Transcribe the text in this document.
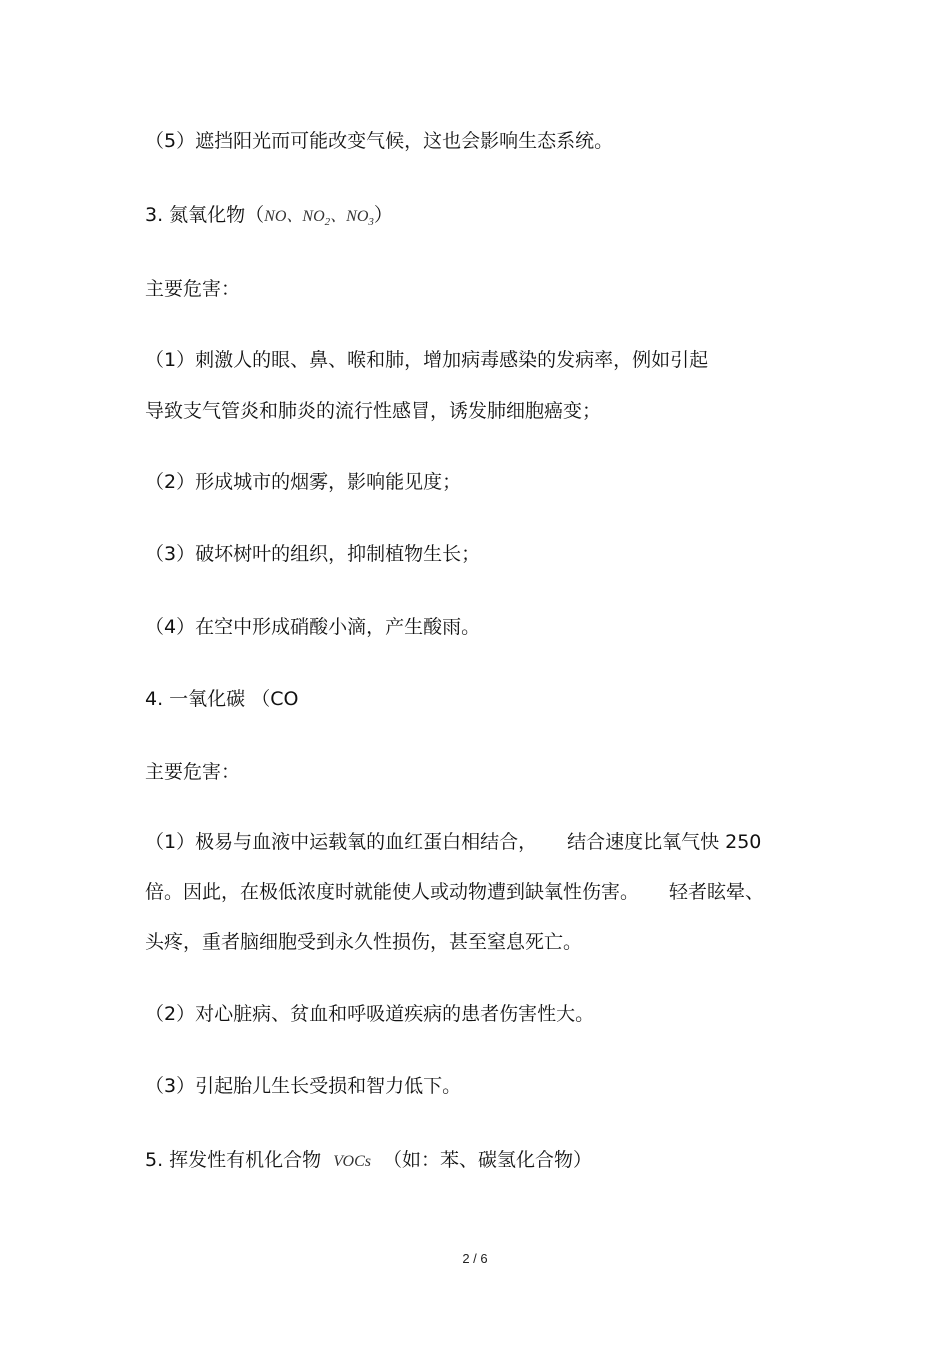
（5）遮挡阳光而可能改变气候，这也会影响生态系统。
3. 氮氧化物（NO、$NO_2$、$NO_3$）
主要危害：
（1）刺激人的眼、鼻、喉和肺，增加病毒感染的发病率，例如引起
导致支气管炎和肺炎的流行性感冒，诱发肺细胞癌变；
（2）形成城市的烟雾，影响能见度；
（3）破坏树叶的组织，抑制植物生长；
（4）在空中形成硝酸小滴，产生酸雨。
4. 一氧化碳 （CO
主要危害：
（1）极易与血液中运载氧的血红蛋白相结合， 结合速度比氧气快 250
倍。因此，在极低浓度时就能使人或动物遭到缺氧性伤害。 轻者眩晕、
头疼，重者脑细胞受到永久性损伤，甚至窒息死亡。
（2）对心脏病、贫血和呼吸道疾病的患者伤害性大。
（3）引起胎儿生长受损和智力低下。
5. 挥发性有机化合物 VOCs （如：苯、碳氢化合物）
2 / 6
